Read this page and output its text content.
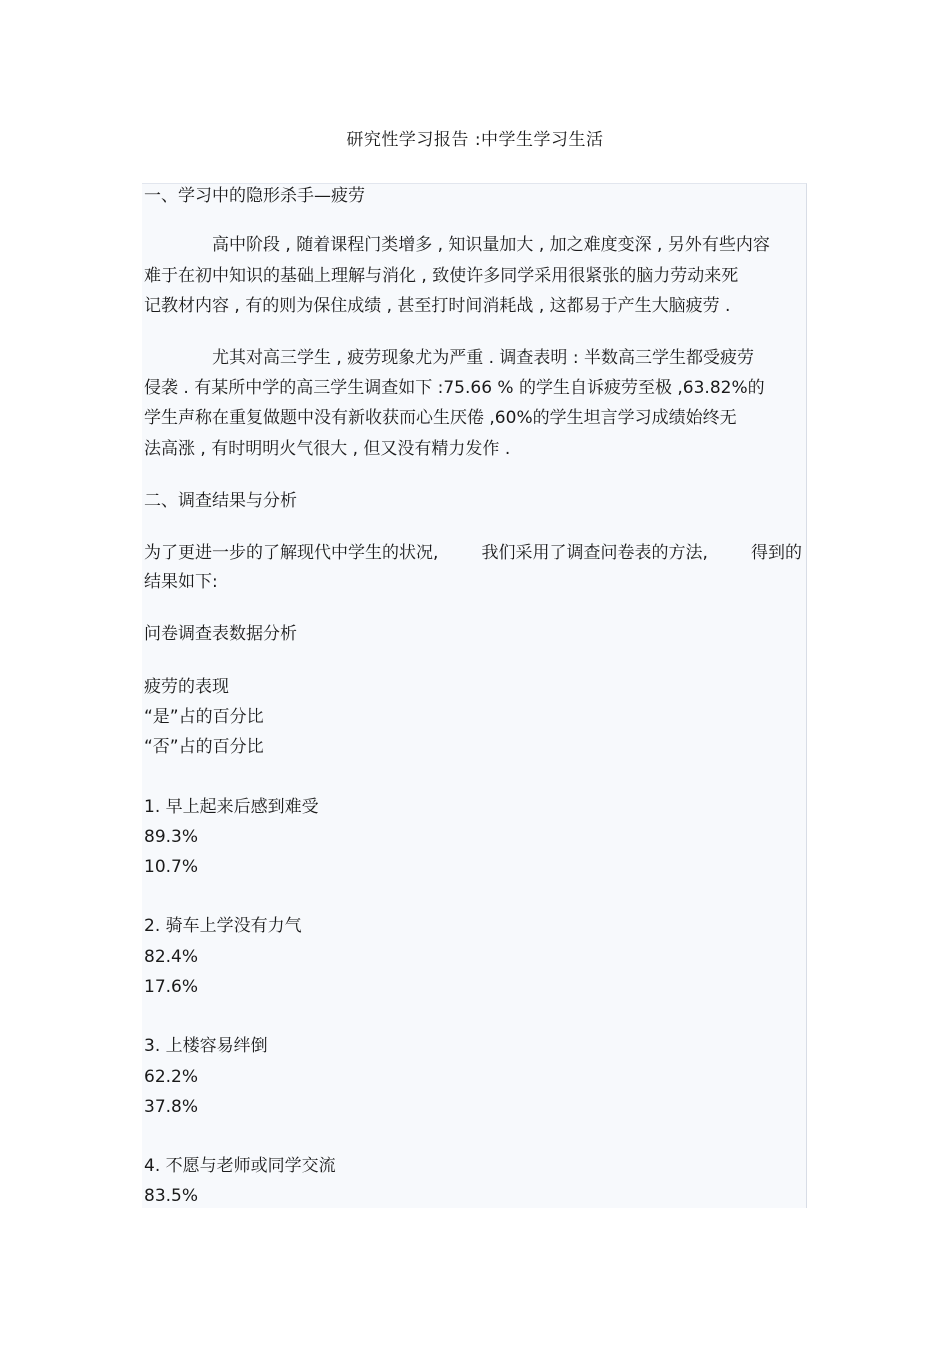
研究性学习报告 :中学生学习生活
一、学习中的隐形杀手—疲劳
高中阶段 , 随着课程门类增多 , 知识量加大 , 加之难度变深 , 另外有些内容
难于在初中知识的基础上理解与消化 , 致使许多同学采用很紧张的脑力劳动来死
记教材内容 , 有的则为保住成绩 , 甚至打时间消耗战 , 这都易于产生大脑疲劳 .
尤其对高三学生 , 疲劳现象尤为严重 . 调查表明 : 半数高三学生都受疲劳
侵袭 . 有某所中学的高三学生调查如下 :75.66 % 的学生自诉疲劳至极 ,63.82%的
学生声称在重复做题中没有新收获而心生厌倦 ,60%的学生坦言学习成绩始终无
法高涨 , 有时明明火气很大 , 但又没有精力发作 .
二、调查结果与分析
为了更进一步的了解现代中学生的状况,	我们采用了调查问卷表的方法,	得到的
结果如下:
问卷调查表数据分析
疲劳的表现
“是”占的百分比
“否”占的百分比
1. 早上起来后感到难受
89.3%
10.7%
2. 骑车上学没有力气
82.4%
17.6%
3. 上楼容易绊倒
62.2%
37.8%
4. 不愿与老师或同学交流
83.5%
